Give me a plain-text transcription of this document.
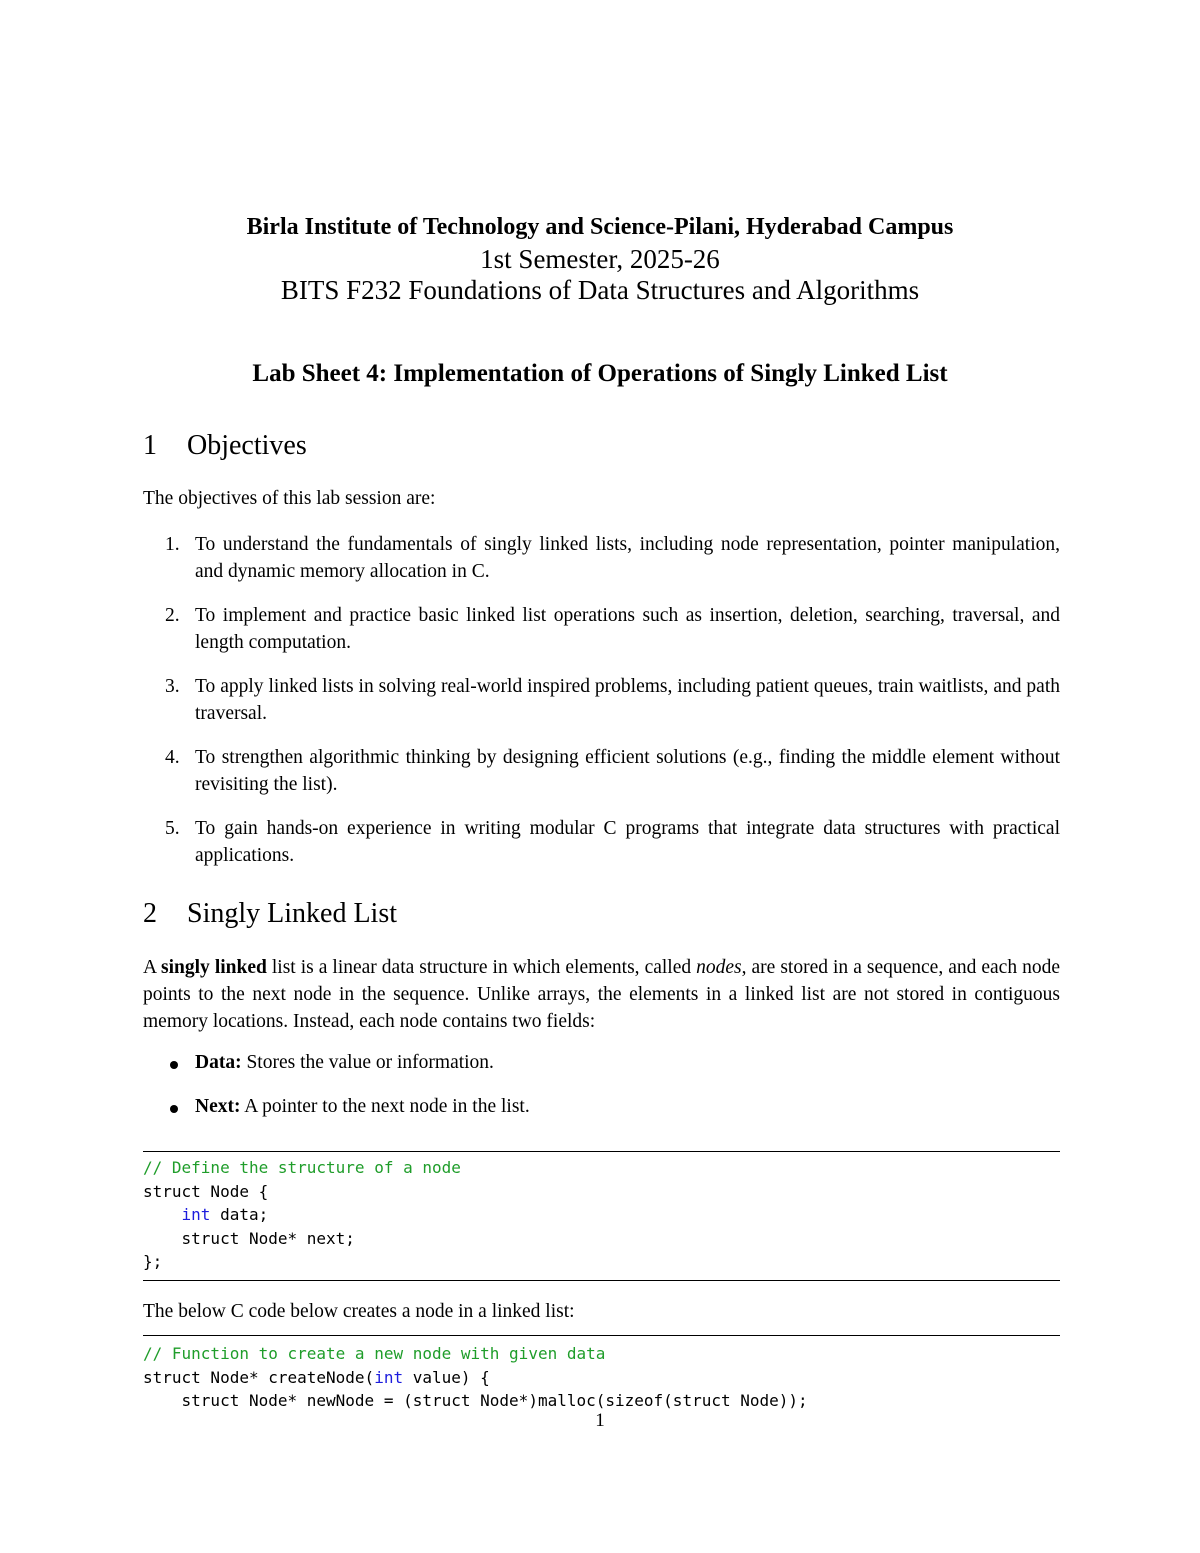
Birla Institute of Technology and Science-Pilani, Hyderabad Campus
1st Semester, 2025-26
BITS F232 Foundations of Data Structures and Algorithms
Lab Sheet 4: Implementation of Operations of Singly Linked List
1 Objectives
The objectives of this lab session are:
1. To understand the fundamentals of singly linked lists, including node representation, pointer manipulation, and dynamic memory allocation in C.
2. To implement and practice basic linked list operations such as insertion, deletion, searching, traversal, and length computation.
3. To apply linked lists in solving real-world inspired problems, including patient queues, train waitlists, and path traversal.
4. To strengthen algorithmic thinking by designing efficient solutions (e.g., finding the middle element without revisiting the list).
5. To gain hands-on experience in writing modular C programs that integrate data structures with practical applications.
2 Singly Linked List
A singly linked list is a linear data structure in which elements, called nodes, are stored in a sequence, and each node points to the next node in the sequence. Unlike arrays, the elements in a linked list are not stored in contiguous memory locations. Instead, each node contains two fields:
Data: Stores the value or information.
Next: A pointer to the next node in the list.
// Define the structure of a node
struct Node {
int data;
struct Node* next;
};
The below C code below creates a node in a linked list:
// Function to create a new node with given data
struct Node* createNode(int value) {
struct Node* newNode = (struct Node*)malloc(sizeof(struct Node));
1
